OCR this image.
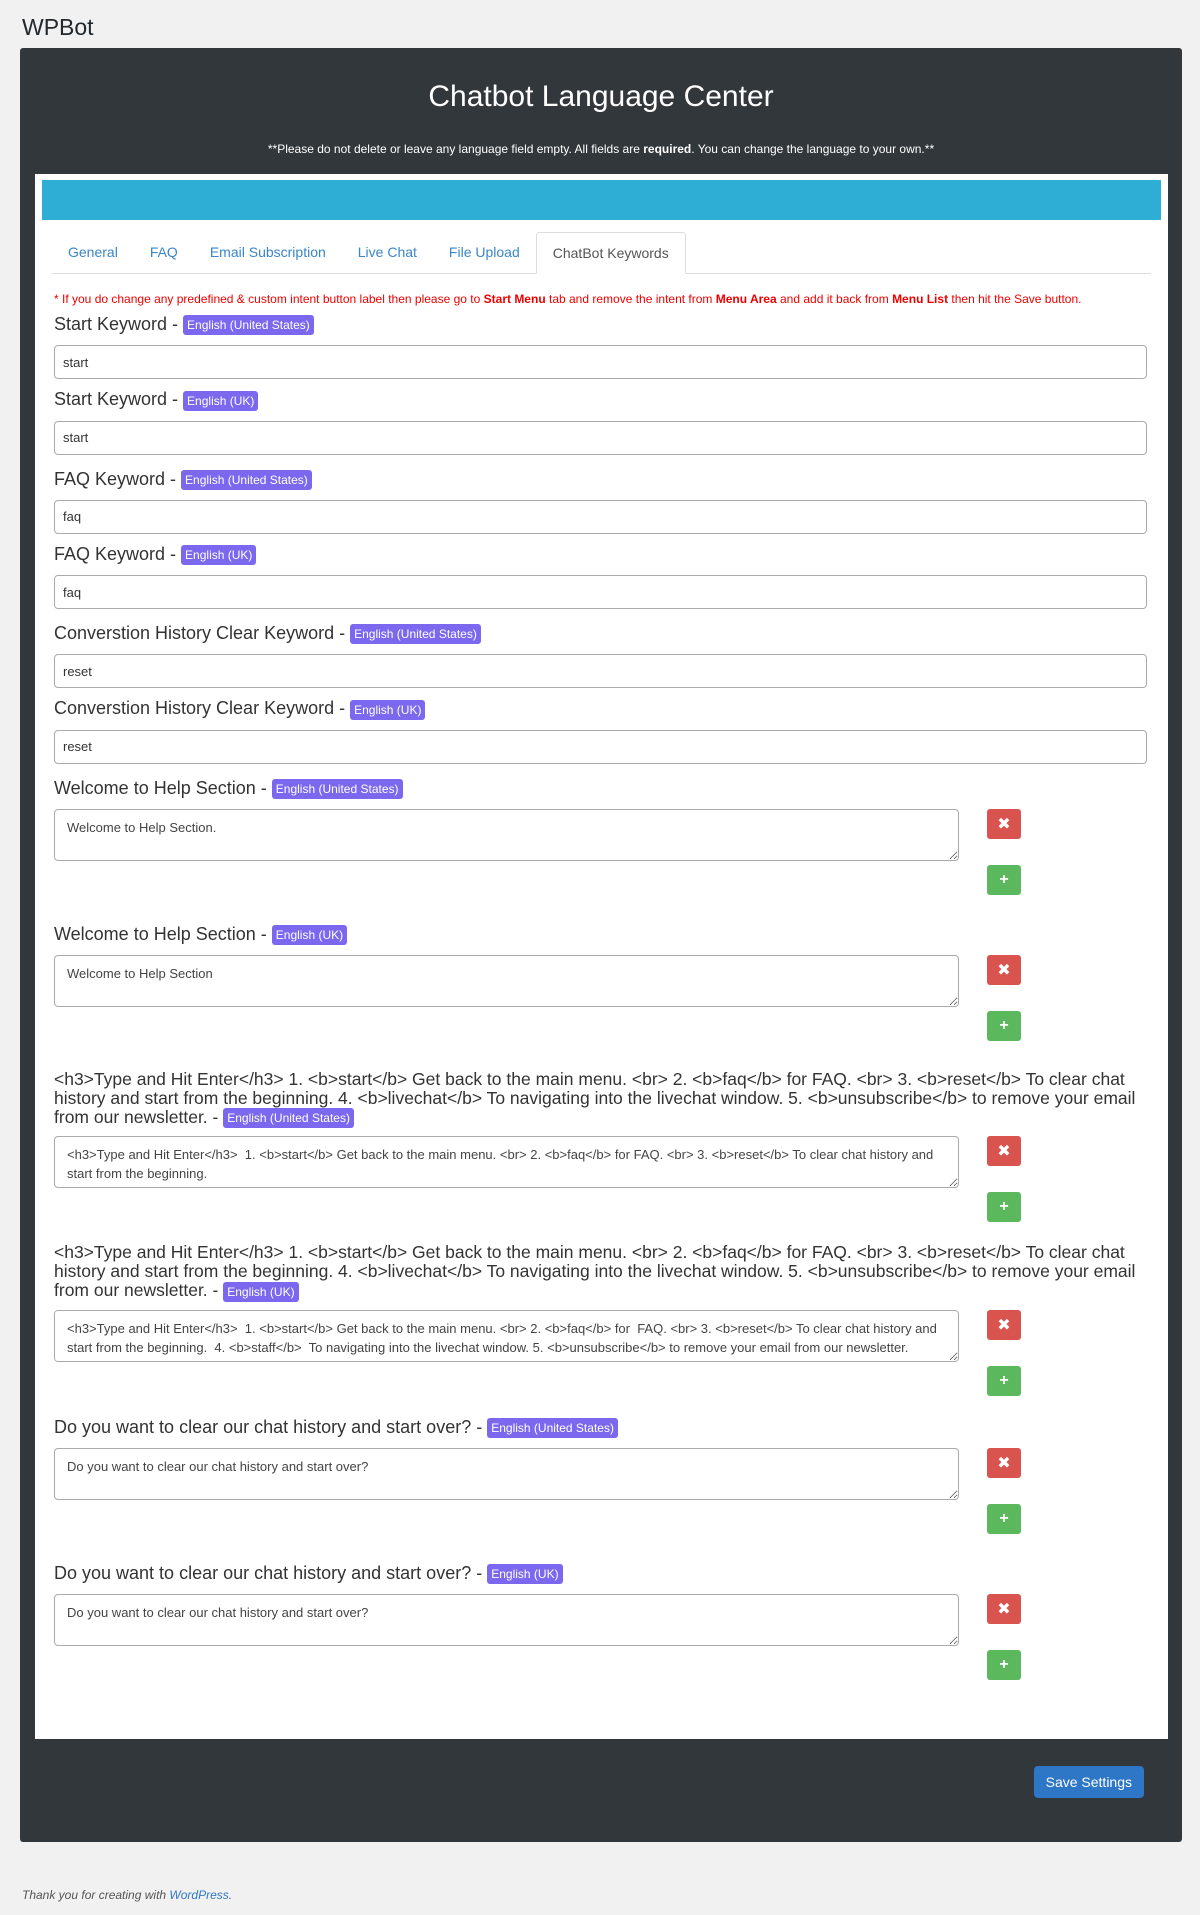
WPBot
Chatbot Language Center
**Please do not delete or leave any language field empty. All fields are required. You can change the language to your own.**
General	FAQ	Email Subscription	Live Chat	File Upload	ChatBot Keywords
* If you do change any predefined & custom intent button label then please go to Start Menu tab and remove the intent from Menu Area and add it back from Menu List then hit the Save button.
Start Keyword - English (United States)
start
Start Keyword - English (UK)
start
FAQ Keyword - English (United States)
faq
FAQ Keyword - English (UK)
faq
Converstion History Clear Keyword - English (United States)
reset
Converstion History Clear Keyword - English (UK)
reset
Welcome to Help Section - English (United States)
Welcome to Help Section.
✖
+
Welcome to Help Section - English (UK)
Welcome to Help Section
✖
+
<h3>Type and Hit Enter</h3> 1. <b>start</b> Get back to the main menu. <br> 2. <b>faq</b> for FAQ. <br> 3. <b>reset</b> To clear chat history and start from the beginning. 4. <b>livechat</b> To navigating into the livechat window. 5. <b>unsubscribe</b> to remove your email from our newsletter. - English (United States)
<h3>Type and Hit Enter</h3> 1. <b>start</b> Get back to the main menu. <br> 2. <b>faq</b> for FAQ. <br> 3. <b>reset</b> To clear chat history and start from the beginning.
✖
+
<h3>Type and Hit Enter</h3> 1. <b>start</b> Get back to the main menu. <br> 2. <b>faq</b> for FAQ. <br> 3. <b>reset</b> To clear chat history and start from the beginning. 4. <b>livechat</b> To navigating into the livechat window. 5. <b>unsubscribe</b> to remove your email from our newsletter. - English (UK)
<h3>Type and Hit Enter</h3> 1. <b>start</b> Get back to the main menu. <br> 2. <b>faq</b> for FAQ. <br> 3. <b>reset</b> To clear chat history and start from the beginning. 4. <b>staff</b> To navigating into the livechat window. 5. <b>unsubscribe</b> to remove your email from our newsletter.
✖
+
Do you want to clear our chat history and start over? - English (United States)
Do you want to clear our chat history and start over?
✖
+
Do you want to clear our chat history and start over? - English (UK)
Do you want to clear our chat history and start over?
✖
+
Save Settings
Thank you for creating with WordPress.
